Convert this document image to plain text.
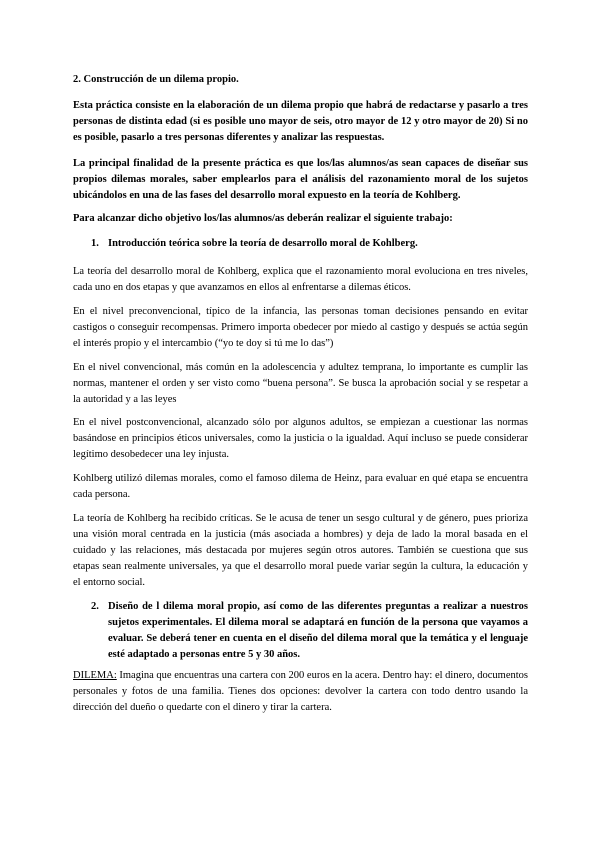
2. Construcción de un dilema propio.

Esta práctica consiste en la elaboración de un dilema propio que habrá de redactarse y pasarlo a tres personas de distinta edad (si es posible uno mayor de seis, otro mayor de 12 y otro mayor de 20) Si no es posible, pasarlo a tres personas diferentes y analizar las respuestas.

La principal finalidad de la presente práctica es que los/las alumnos/as sean capaces de diseñar sus propios dilemas morales, saber emplearlos para el análisis del razonamiento moral de los sujetos ubicándolos en una de las fases del desarrollo moral expuesto en la teoría de Kohlberg.

Para alcanzar dicho objetivo los/las alumnos/as deberán realizar el siguiente trabajo:

1. Introducción teórica sobre la teoría de desarrollo moral de Kohlberg.

La teoría del desarrollo moral de Kohlberg, explica que el razonamiento moral evoluciona en tres niveles, cada uno en dos etapas y que avanzamos en ellos al enfrentarse a dilemas éticos.

En el nivel preconvencional, típico de la infancia, las personas toman decisiones pensando en evitar castigos o conseguir recompensas. Primero importa obedecer por miedo al castigo y después se actúa según el interés propio y el intercambio (“yo te doy si tú me lo das”)

En el nivel convencional, más común en la adolescencia y adultez temprana, lo importante es cumplir las normas, mantener el orden y ser visto como “buena persona”. Se busca la aprobación social y se respetar a la autoridad y a las leyes

En el nivel postconvencional, alcanzado sólo por algunos adultos, se empiezan a cuestionar las normas basándose en principios éticos universales, como la justicia o la igualdad. Aquí incluso se puede considerar legítimo desobedecer una ley injusta.

Kohlberg utilizó dilemas morales, como el famoso dilema de Heinz, para evaluar en qué etapa se encuentra cada persona.

La teoría de Kohlberg ha recibido críticas. Se le acusa de tener un sesgo cultural y de género, pues prioriza una visión moral centrada en la justicia (más asociada a hombres) y deja de lado la moral basada en el cuidado y las relaciones, más destacada por mujeres según otros autores. También se cuestiona que sus etapas sean realmente universales, ya que el desarrollo moral puede variar según la cultura, la educación y el entorno social.

2. Diseño de l dilema moral propio, así como de las diferentes preguntas a realizar a nuestros sujetos experimentales. El dilema moral se adaptará en función de la persona que vayamos a evaluar. Se deberá tener en cuenta en el diseño del dilema moral que la temática y el lenguaje esté adaptado a personas entre 5 y 30 años.

DILEMA: Imagina que encuentras una cartera con 200 euros en la acera. Dentro hay: el dinero, documentos personales y fotos de una familia. Tienes dos opciones: devolver la cartera con todo dentro usando la dirección del dueño o quedarte con el dinero y tirar la cartera.
